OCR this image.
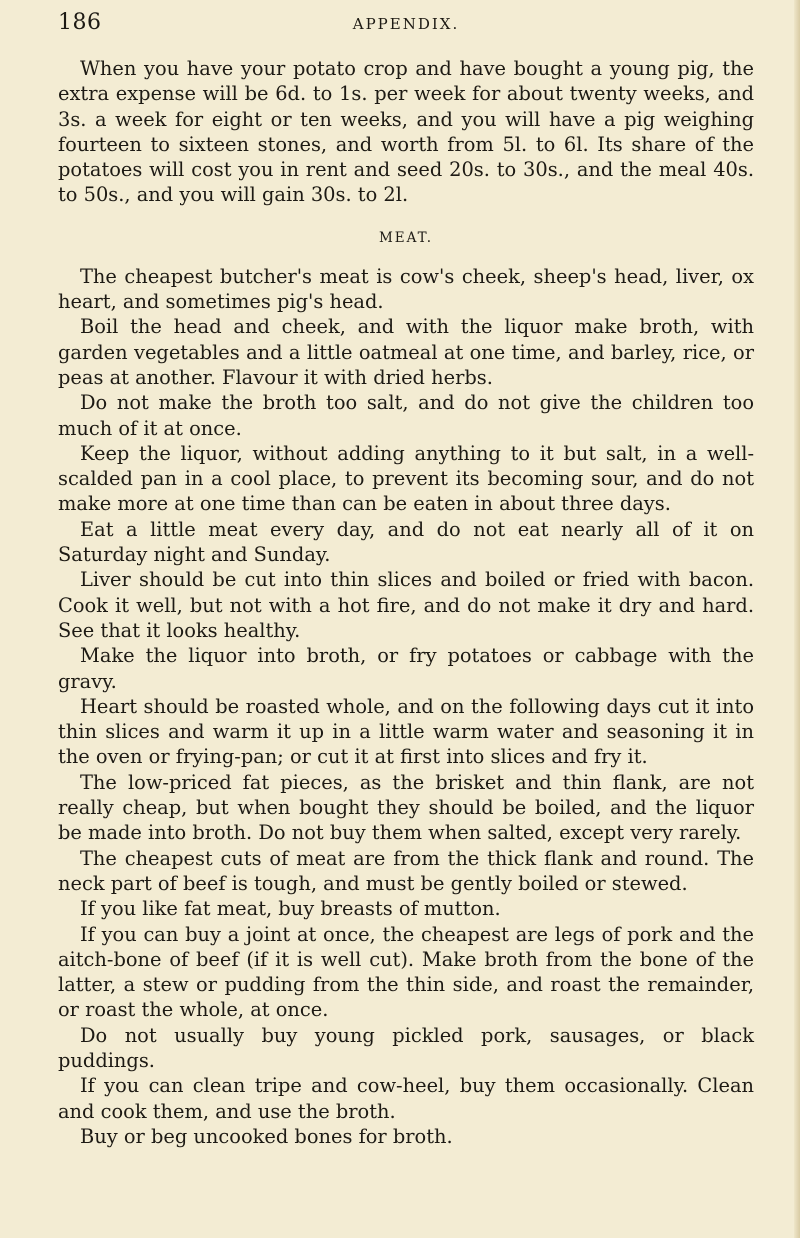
186	APPENDIX.

When you have your potato crop and have bought a young pig, the extra expense will be 6d. to 1s. per week for about twenty weeks, and 3s. a week for eight or ten weeks, and you will have a pig weighing fourteen to sixteen stones, and worth from 5l. to 6l. Its share of the potatoes will cost you in rent and seed 20s. to 30s., and the meal 40s. to 50s., and you will gain 30s. to 2l.

MEAT.

The cheapest butcher's meat is cow's cheek, sheep's head, liver, ox heart, and sometimes pig's head.

Boil the head and cheek, and with the liquor make broth, with garden vegetables and a little oatmeal at one time, and barley, rice, or peas at another. Flavour it with dried herbs.

Do not make the broth too salt, and do not give the children too much of it at once.

Keep the liquor, without adding anything to it but salt, in a well-scalded pan in a cool place, to prevent its becoming sour, and do not make more at one time than can be eaten in about three days.

Eat a little meat every day, and do not eat nearly all of it on Saturday night and Sunday.

Liver should be cut into thin slices and boiled or fried with bacon. Cook it well, but not with a hot fire, and do not make it dry and hard. See that it looks healthy.

Make the liquor into broth, or fry potatoes or cabbage with the gravy.

Heart should be roasted whole, and on the following days cut it into thin slices and warm it up in a little warm water and seasoning it in the oven or frying-pan; or cut it at first into slices and fry it.

The low-priced fat pieces, as the brisket and thin flank, are not really cheap, but when bought they should be boiled, and the liquor be made into broth. Do not buy them when salted, except very rarely.

The cheapest cuts of meat are from the thick flank and round. The neck part of beef is tough, and must be gently boiled or stewed.

If you like fat meat, buy breasts of mutton.

If you can buy a joint at once, the cheapest are legs of pork and the aitch-bone of beef (if it is well cut). Make broth from the bone of the latter, a stew or pudding from the thin side, and roast the remainder, or roast the whole, at once.

Do not usually buy young pickled pork, sausages, or black puddings.

If you can clean tripe and cow-heel, buy them occasionally. Clean and cook them, and use the broth.

Buy or beg uncooked bones for broth.
